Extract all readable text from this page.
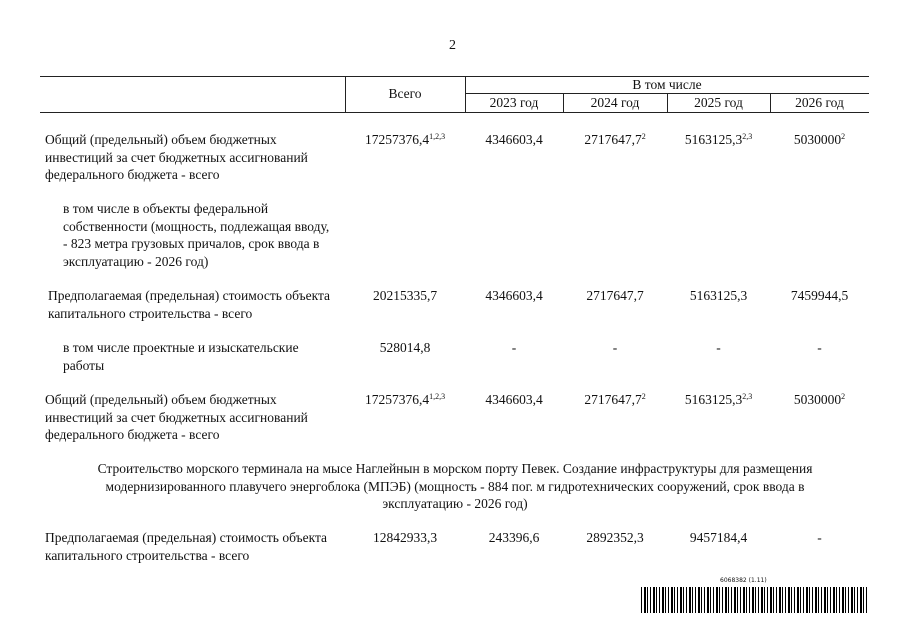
2
Всего
В том числе
2023 год	2024 год	2025 год	2026 год
Общий (предельный) объем бюджетных инвестиций за счет бюджетных ассигнований федерального бюджета - всего
17257376,4$^{1,2,3}$	4346603,4	2717647,7$^2$	5163125,3$^{2,3}$	5030000$^2$
в том числе в объекты федеральной собственности (мощность, подлежащая вводу, - 823 метра грузовых причалов, срок ввода в эксплуатацию - 2026 год)
Предполагаемая (предельная) стоимость объекта капитального строительства - всего
20215335,7	4346603,4	2717647,7	5163125,3	7459944,5
в том числе проектные и изыскательские работы
528014,8	-	-	-	-
Общий (предельный) объем бюджетных инвестиций за счет бюджетных ассигнований федерального бюджета - всего
17257376,4$^{1,2,3}$	4346603,4	2717647,7$^2$	5163125,3$^{2,3}$	5030000$^2$
Строительство морского терминала на мысе Наглейнын в морском порту Певек. Создание инфраструктуры для размещения модернизированного плавучего энергоблока (МПЭБ) (мощность - 884 пог. м гидротехнических сооружений, срок ввода в эксплуатацию - 2026 год)
Предполагаемая (предельная) стоимость объекта капитального строительства - всего
12842933,3	243396,6	2892352,3	9457184,4	-
6068382 (1.11)
